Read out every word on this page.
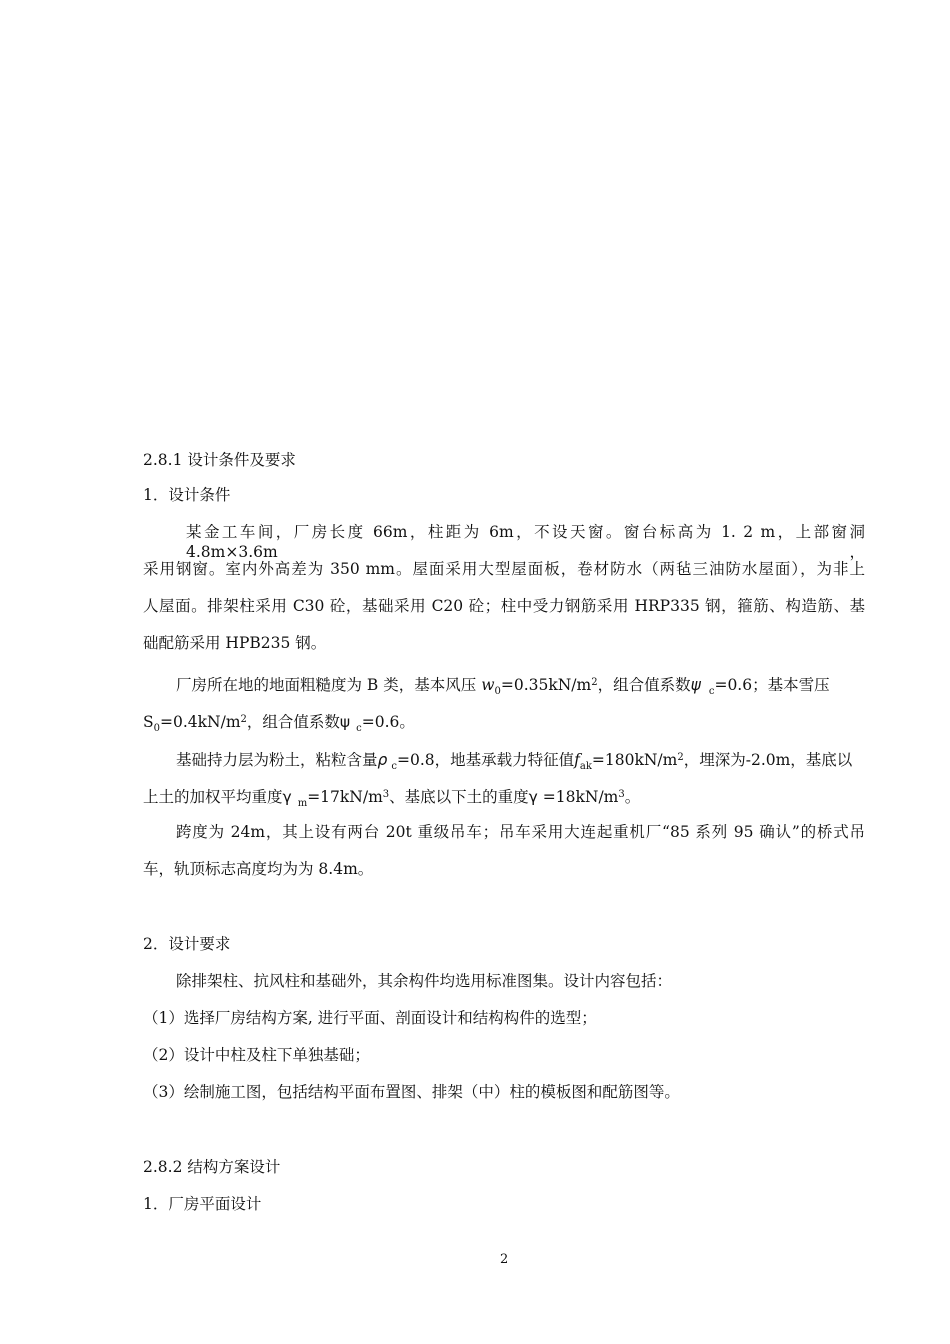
2.8.1 设计条件及要求
1．设计条件
某金工车间，厂房长度 66m，柱距为 6m，不设天窗。窗台标高为 1. 2 m，上部窗洞 4.8m×3.6m，
采用钢窗。室内外高差为 350 mm。屋面采用大型屋面板，卷材防水（两毡三油防水屋面），为非上
人屋面。排架柱采用 C30 砼，基础采用 C20 砼；柱中受力钢筋采用 HRP335 钢，箍筋、构造筋、基
础配筋采用 HPB235 钢。
厂房所在地的地面粗糙度为 B 类，基本风压 $w_0=0.35kN/m^2$，组合值系数ψ $_c$=0.6；基本雪压
$S_0=0.4kN/m^2$，组合值系数ψ $_c$=0.6。
基础持力层为粉土，粘粒含量ρ $_c$=0.8，地基承载力特征值$f_{ak}=180kN/m^2$，埋深为-2.0m，基底以
上土的加权平均重度γ $_m=17kN/m^3$、基底以下土的重度$\gamma =18kN/m^3$。
跨度为 24m，其上设有两台 20t 重级吊车；吊车采用大连起重机厂“85 系列 95 确认”的桥式吊
车，轨顶标志高度均为为 8.4m。
2．设计要求
除排架柱、抗风柱和基础外，其余构件均选用标准图集。设计内容包括：
（1）选择厂房结构方案, 进行平面、剖面设计和结构构件的选型；
（2）设计中柱及柱下单独基础；
（3）绘制施工图，包括结构平面布置图、排架（中）柱的模板图和配筋图等。
2.8.2 结构方案设计
1．厂房平面设计
2
